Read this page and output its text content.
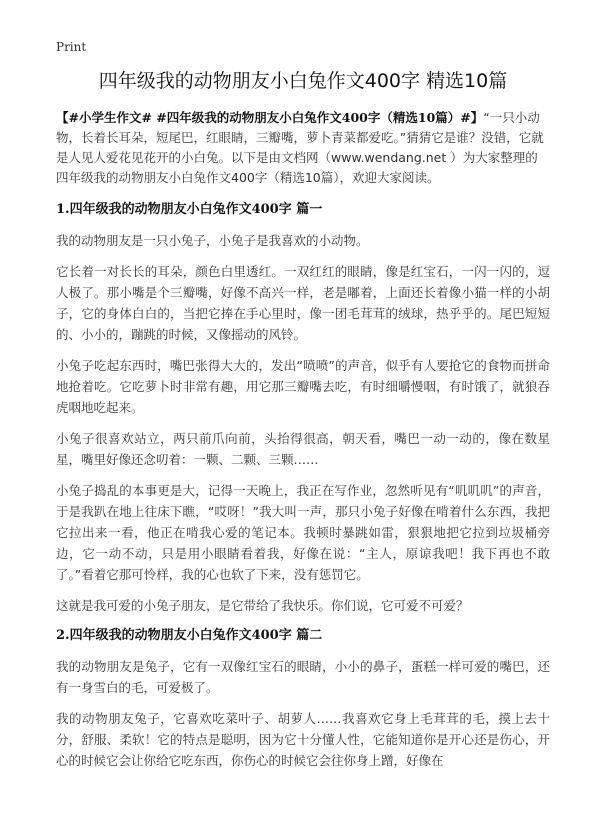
Print
四年级我的动物朋友小白兔作文400字 精选10篇

【#小学生作文# #四年级我的动物朋友小白兔作文400字（精选10篇）#】“一只小动物，长着长耳朵，短尾巴，红眼睛，三瓣嘴，萝卜青菜都爱吃。”猜猜它是谁？没错，它就是人见人爱花见花开的小白兔。以下是由文档网（www.wendang.net ）为大家整理的四年级我的动物朋友小白兔作文400字（精选10篇），欢迎大家阅读。

1.四年级我的动物朋友小白兔作文400字 篇一

我的动物朋友是一只小兔子，小兔子是我喜欢的小动物。

它长着一对长长的耳朵，颜色白里透红。一双红红的眼睛，像是红宝石，一闪一闪的，逗人极了。那小嘴是个三瓣嘴，好像不高兴一样，老是嘟着，上面还长着像小猫一样的小胡子，它的身体白白的，当把它捧在手心里时，像一团毛茸茸的绒球，热乎乎的。尾巴短短的、小小的，蹦跳的时候，又像摇动的风铃。

小兔子吃起东西时，嘴巴张得大大的，发出“喷喷”的声音，似乎有人要抢它的食物而拼命地抢着吃。它吃萝卜时非常有趣，用它那三瓣嘴去吃，有时细嚼慢咽，有时饿了，就狼吞虎咽地吃起来。

小兔子很喜欢站立，两只前爪向前，头抬得很高，朝天看，嘴巴一动一动的，像在数星星，嘴里好像还念叨着：一颗、二颗、三颗……

小兔子捣乱的本事更是大，记得一天晚上，我正在写作业，忽然听见有“叽叽叽”的声音，于是我趴在地上往床下瞧，“哎呀！”我大叫一声，那只小兔子好像在啃着什么东西，我把它拉出来一看，他正在啃我心爱的笔记本。我顿时暴跳如雷，狠狠地把它拉到垃圾桶旁边，它一动不动，只是用小眼睛看着我，好像在说：“主人，原谅我吧！我下再也不敢了。”看着它那可怜样，我的心也软了下来，没有惩罚它。

这就是我可爱的小兔子朋友，是它带给了我快乐。你们说，它可爱不可爱？

2.四年级我的动物朋友小白兔作文400字 篇二

我的动物朋友是兔子，它有一双像红宝石的眼睛，小小的鼻子，蛋糕一样可爱的嘴巴，还有一身雪白的毛，可爱极了。

我的动物朋友兔子，它喜欢吃菜叶子、胡萝人……我喜欢它身上毛茸茸的毛，摸上去十分，舒服、柔软！它的特点是聪明，因为它十分懂人性，它能知道你是开心还是伤心，开心的时候它会让你给它吃东西，你伤心的时候它会往你身上蹭，好像在
